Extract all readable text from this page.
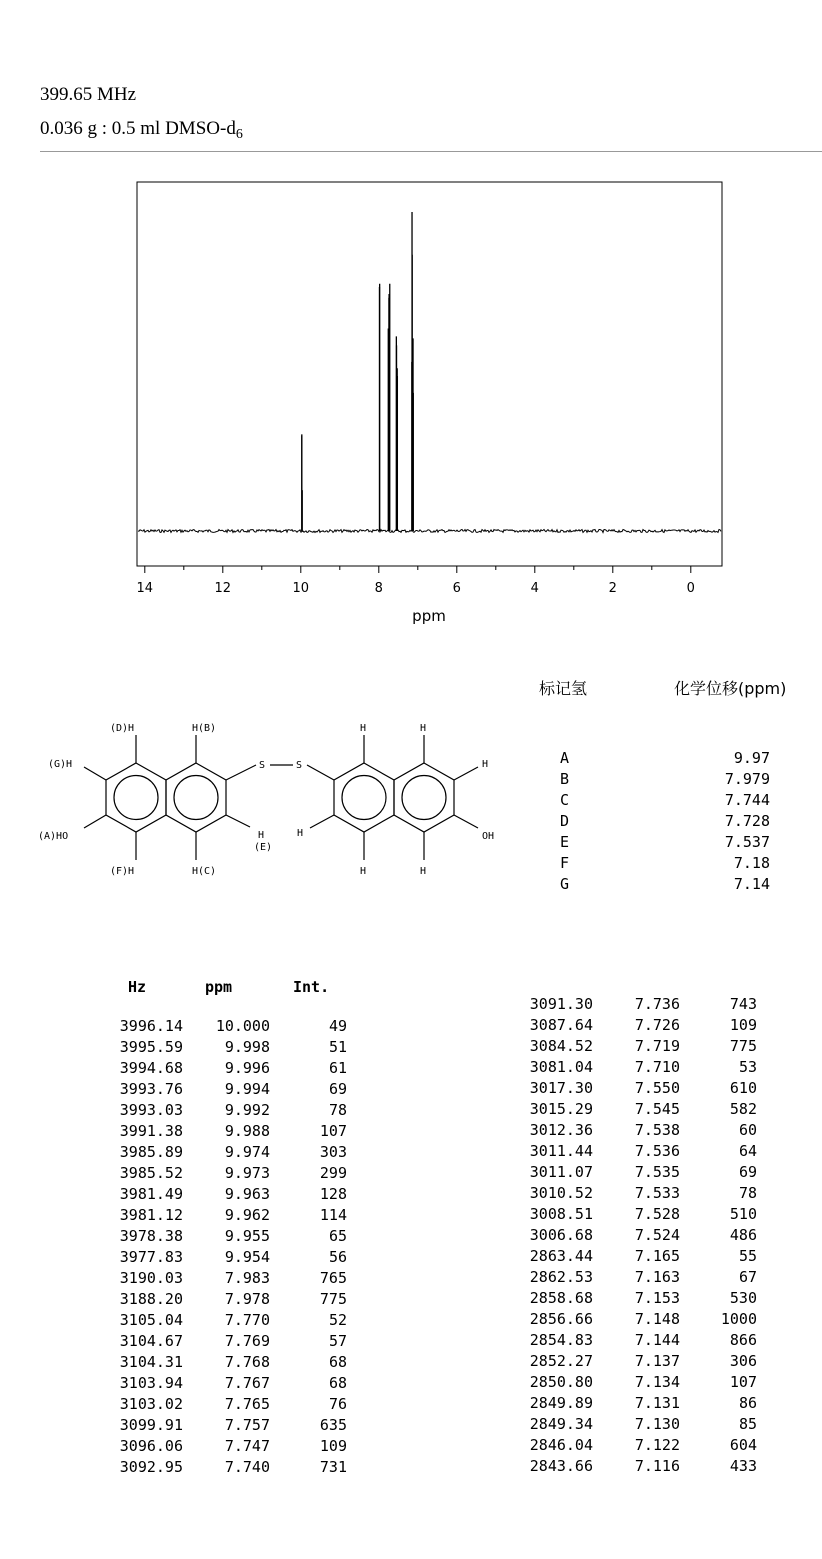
399.65 MHz
0.036 g : 0.5 ml DMSO-$d_6$
14	12	10	8	6	4	2	0
ppm
(D)H	H(B)
(G)H
(A)HO
(F)H	H(C)
H
(E)
S	S
H	H
H
H
H	H
OH
标记氢	化学位移(ppm)
A	9.97
B	7.979
C	7.744
D	7.728
E	7.537
F	7.18
G	7.14
Hz	ppm	Int.
3996.14	10.000	49
3995.59	9.998	51
3994.68	9.996	61
3993.76	9.994	69
3993.03	9.992	78
3991.38	9.988	107
3985.89	9.974	303
3985.52	9.973	299
3981.49	9.963	128
3981.12	9.962	114
3978.38	9.955	65
3977.83	9.954	56
3190.03	7.983	765
3188.20	7.978	775
3105.04	7.770	52
3104.67	7.769	57
3104.31	7.768	68
3103.94	7.767	68
3103.02	7.765	76
3099.91	7.757	635
3096.06	7.747	109
3092.95	7.740	731
3091.30	7.736	743
3087.64	7.726	109
3084.52	7.719	775
3081.04	7.710	53
3017.30	7.550	610
3015.29	7.545	582
3012.36	7.538	60
3011.44	7.536	64
3011.07	7.535	69
3010.52	7.533	78
3008.51	7.528	510
3006.68	7.524	486
2863.44	7.165	55
2862.53	7.163	67
2858.68	7.153	530
2856.66	7.148	1000
2854.83	7.144	866
2852.27	7.137	306
2850.80	7.134	107
2849.89	7.131	86
2849.34	7.130	85
2846.04	7.122	604
2843.66	7.116	433
